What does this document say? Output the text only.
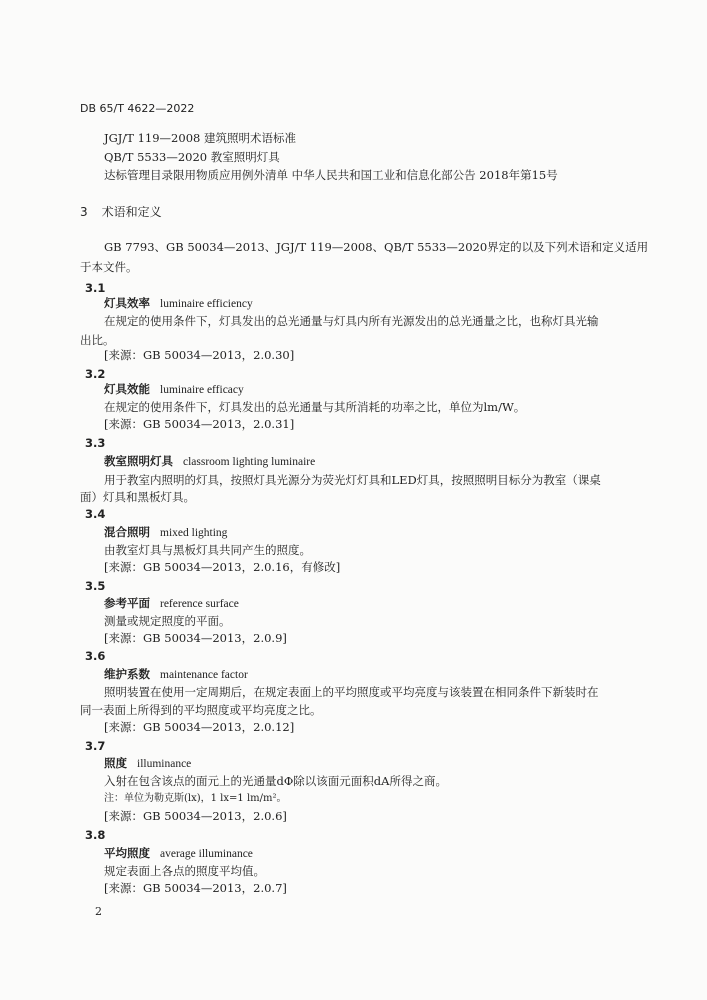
DB 65/T 4622—2022
JGJ/T 119—2008 建筑照明术语标准
QB/T 5533—2020 教室照明灯具
达标管理目录限用物质应用例外清单 中华人民共和国工业和信息化部公告 2018年第15号
3 术语和定义
GB 7793、GB 50034—2013、JGJ/T 119—2008、QB/T 5533—2020界定的以及下列术语和定义适用
于本文件。
3.1
灯具效率 luminaire efficiency
在规定的使用条件下，灯具发出的总光通量与灯具内所有光源发出的总光通量之比，也称灯具光输
出比。
[来源：GB 50034—2013，2.0.30]
3.2
灯具效能 luminaire efficacy
在规定的使用条件下，灯具发出的总光通量与其所消耗的功率之比，单位为lm/W。
[来源：GB 50034—2013，2.0.31]
3.3
教室照明灯具 classroom lighting luminaire
用于教室内照明的灯具，按照灯具光源分为荧光灯灯具和LED灯具，按照照明目标分为教室（课桌
面）灯具和黑板灯具。
3.4
混合照明 mixed lighting
由教室灯具与黑板灯具共同产生的照度。
[来源：GB 50034—2013，2.0.16，有修改]
3.5
参考平面 reference surface
测量或规定照度的平面。
[来源：GB 50034—2013，2.0.9]
3.6
维护系数 maintenance factor
照明装置在使用一定周期后，在规定表面上的平均照度或平均亮度与该装置在相同条件下新装时在
同一表面上所得到的平均照度或平均亮度之比。
[来源：GB 50034—2013，2.0.12]
3.7
照度 illuminance
入射在包含该点的面元上的光通量dΦ除以该面元面积dA所得之商。
注：单位为勒克斯(lx)，1 lx=1 lm/m²。
[来源：GB 50034—2013，2.0.6]
3.8
平均照度 average illuminance
规定表面上各点的照度平均值。
[来源：GB 50034—2013，2.0.7]
2
